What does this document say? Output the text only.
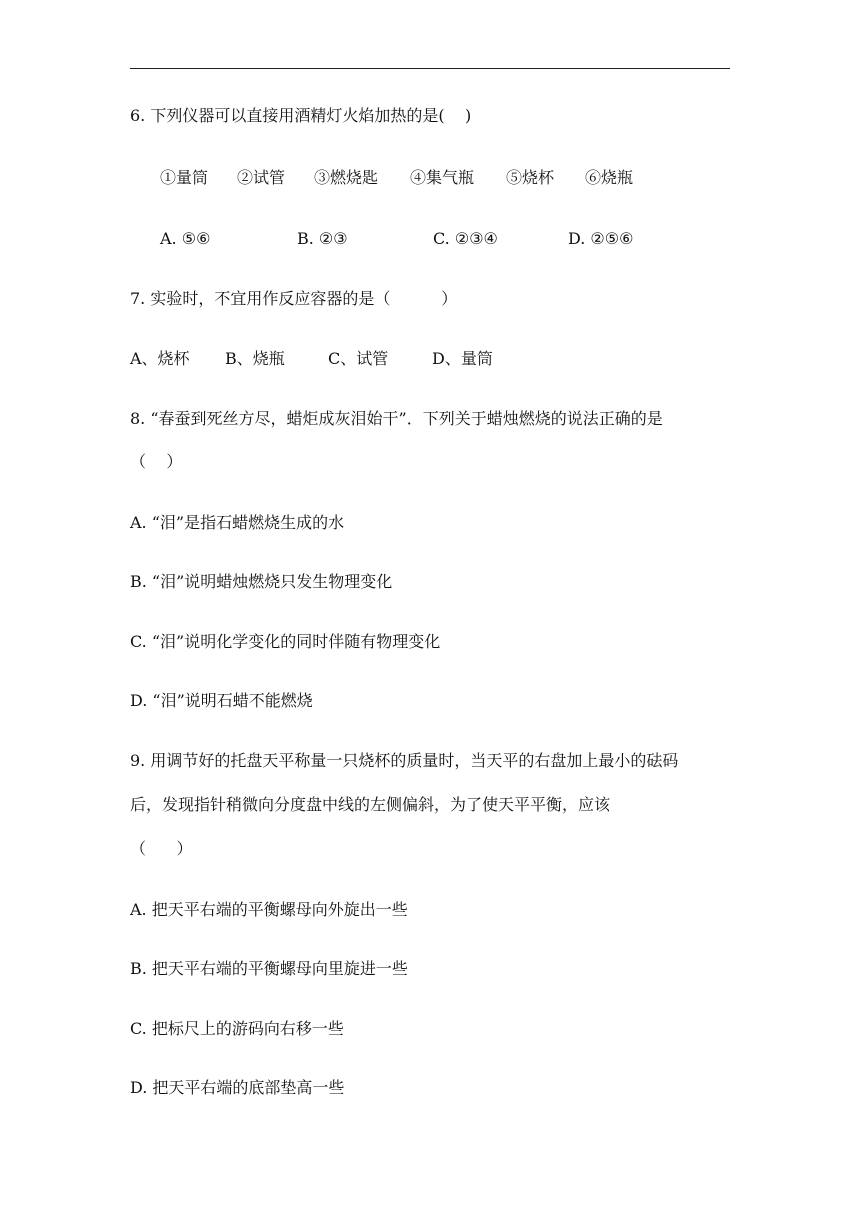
6. 下列仪器可以直接用酒精灯火焰加热的是(    )
①量筒 ②试管 ③燃烧匙 ④集气瓶 ⑤烧杯 ⑥烧瓶
A. ⑤⑥	B. ②③	C. ②③④	D. ②⑤⑥
7. 实验时，不宜用作反应容器的是（          ）
A、烧杯 B、烧瓶	C、试管	D、量筒
8. “春蚕到死丝方尽，蜡炬成灰泪始干”．下列关于蜡烛燃烧的说法正确的是
（    ）
A. “泪”是指石蜡燃烧生成的水
B. “泪”说明蜡烛燃烧只发生物理变化
C. “泪”说明化学变化的同时伴随有物理变化
D. “泪”说明石蜡不能燃烧
9. 用调节好的托盘天平称量一只烧杯的质量时，当天平的右盘加上最小的砝码
后，发现指针稍微向分度盘中线的左侧偏斜，为了使天平平衡，应该
（      ）
A. 把天平右端的平衡螺母向外旋出一些
B. 把天平右端的平衡螺母向里旋进一些
C. 把标尺上的游码向右移一些
D. 把天平右端的底部垫高一些
